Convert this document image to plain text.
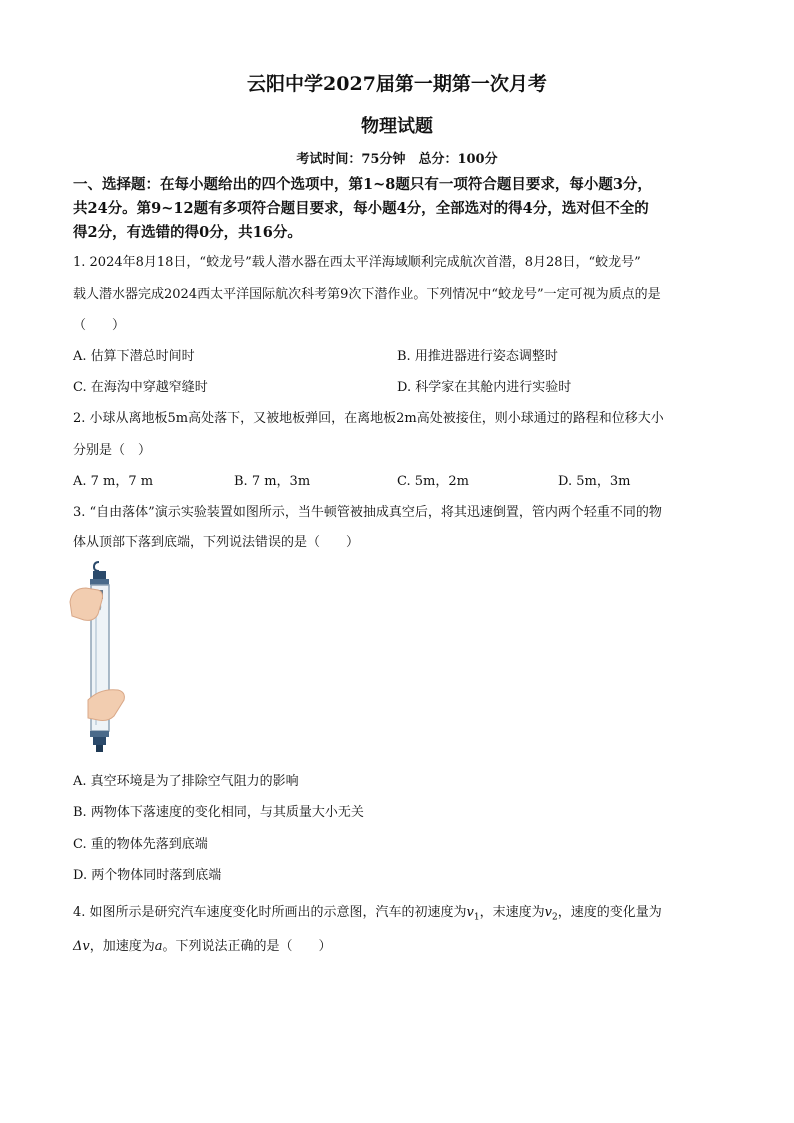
云阳中学2027届第一期第一次月考
物理试题
考试时间：75分钟　总分：100分
一、选择题：在每小题给出的四个选项中，第1~8题只有一项符合题目要求，每小题3分，
共24分。第9~12题有多项符合题目要求，每小题4分，全部选对的得4分，选对但不全的
得2分，有选错的得0分，共16分。
1. 2024年8月18日，“蛟龙号”载人潜水器在西太平洋海域顺利完成航次首潜，8月28日，“蛟龙号”
载人潜水器完成2024西太平洋国际航次科考第9次下潜作业。下列情况中“蛟龙号”一定可视为质点的是
（　　）
A. 估算下潜总时间时	B. 用推进器进行姿态调整时
C. 在海沟中穿越窄缝时	D. 科学家在其舱内进行实验时
2. 小球从离地板5m高处落下，又被地板弹回，在离地板2m高处被接住，则小球通过的路程和位移大小
分别是（　）
A. 7 m，7 m	B. 7 m，3m	C. 5m，2m	D. 5m，3m
3. “自由落体”演示实验装置如图所示，当牛顿管被抽成真空后，将其迅速倒置，管内两个轻重不同的物
体从顶部下落到底端，下列说法错误的是（　　）
A. 真空环境是为了排除空气阻力的影响
B. 两物体下落速度的变化相同，与其质量大小无关
C. 重的物体先落到底端
D. 两个物体同时落到底端
4. 如图所示是研究汽车速度变化时所画出的示意图，汽车的初速度为$v_1$，末速度为$v_2$，速度的变化量为
Δv，加速度为a。下列说法正确的是（　　）
